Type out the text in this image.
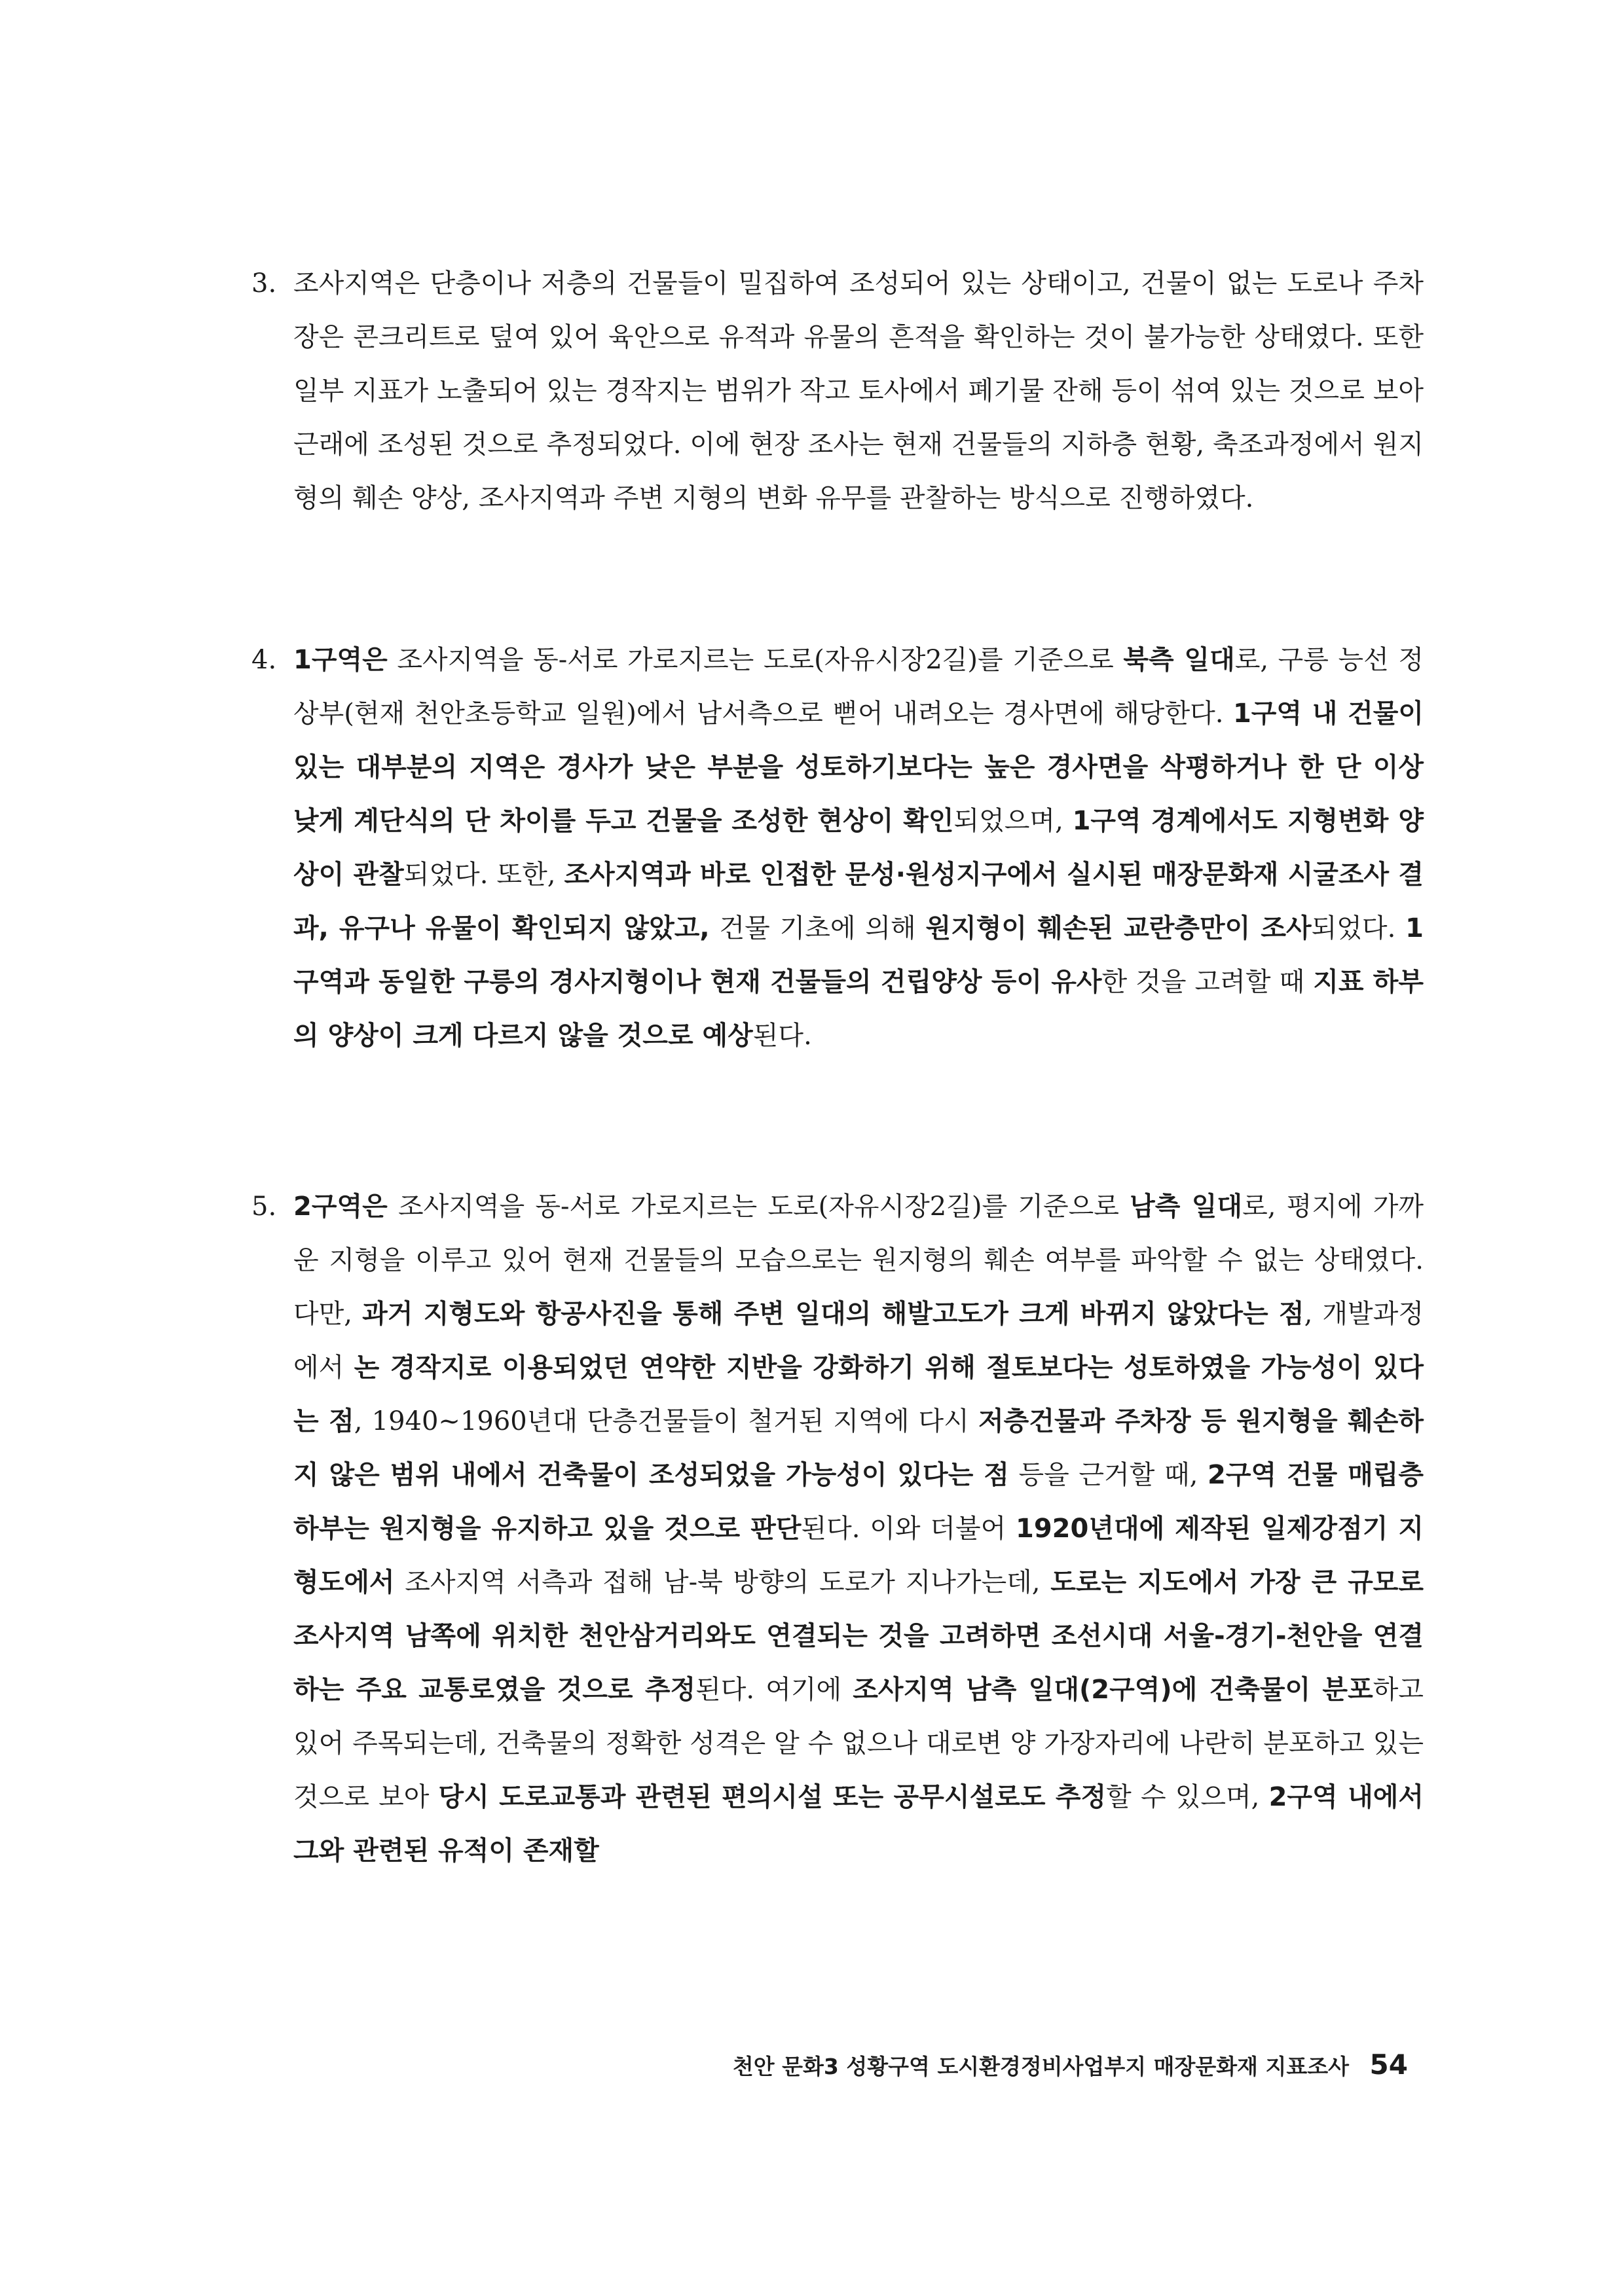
3. 조사지역은 단층이나 저층의 건물들이 밀집하여 조성되어 있는 상태이고, 건물이 없는 도로나 주차장은 콘크리트로 덮여 있어 육안으로 유적과 유물의 흔적을 확인하는 것이 불가능한 상태였다. 또한 일부 지표가 노출되어 있는 경작지는 범위가 작고 토사에서 폐기물 잔해 등이 섞여 있는 것으로 보아 근래에 조성된 것으로 추정되었다. 이에 현장 조사는 현재 건물들의 지하층 현황, 축조과정에서 원지형의 훼손 양상, 조사지역과 주변 지형의 변화 유무를 관찰하는 방식으로 진행하였다.
4. 1구역은 조사지역을 동-서로 가로지르는 도로(자유시장2길)를 기준으로 북측 일대로, 구릉 능선 정상부(현재 천안초등학교 일원)에서 남서측으로 뻗어 내려오는 경사면에 해당한다. 1구역 내 건물이 있는 대부분의 지역은 경사가 낮은 부분을 성토하기보다는 높은 경사면을 삭평하거나 한 단 이상 낮게 계단식의 단 차이를 두고 건물을 조성한 현상이 확인되었으며, 1구역 경계에서도 지형변화 양상이 관찰되었다. 또한, 조사지역과 바로 인접한 문성·원성지구에서 실시된 매장문화재 시굴조사 결과, 유구나 유물이 확인되지 않았고, 건물 기초에 의해 원지형이 훼손된 교란층만이 조사되었다. 1구역과 동일한 구릉의 경사지형이나 현재 건물들의 건립양상 등이 유사한 것을 고려할 때 지표 하부의 양상이 크게 다르지 않을 것으로 예상된다.
5. 2구역은 조사지역을 동-서로 가로지르는 도로(자유시장2길)를 기준으로 남측 일대로, 평지에 가까운 지형을 이루고 있어 현재 건물들의 모습으로는 원지형의 훼손 여부를 파악할 수 없는 상태였다. 다만, 과거 지형도와 항공사진을 통해 주변 일대의 해발고도가 크게 바뀌지 않았다는 점, 개발과정에서 논 경작지로 이용되었던 연약한 지반을 강화하기 위해 절토보다는 성토하였을 가능성이 있다는 점, 1940~1960년대 단층건물들이 철거된 지역에 다시 저층건물과 주차장 등 원지형을 훼손하지 않은 범위 내에서 건축물이 조성되었을 가능성이 있다는 점 등을 근거할 때, 2구역 건물 매립층 하부는 원지형을 유지하고 있을 것으로 판단된다. 이와 더불어 1920년대에 제작된 일제강점기 지형도에서 조사지역 서측과 접해 남-북 방향의 도로가 지나가는데, 도로는 지도에서 가장 큰 규모로 조사지역 남쪽에 위치한 천안삼거리와도 연결되는 것을 고려하면 조선시대 서울-경기-천안을 연결하는 주요 교통로였을 것으로 추정된다. 여기에 조사지역 남측 일대(2구역)에 건축물이 분포하고 있어 주목되는데, 건축물의 정확한 성격은 알 수 없으나 대로변 양 가장자리에 나란히 분포하고 있는 것으로 보아 당시 도로교통과 관련된 편의시설 또는 공무시설로도 추정할 수 있으며, 2구역 내에서 그와 관련된 유적이 존재할
천안 문화3 성황구역 도시환경정비사업부지 매장문화재 지표조사 54
